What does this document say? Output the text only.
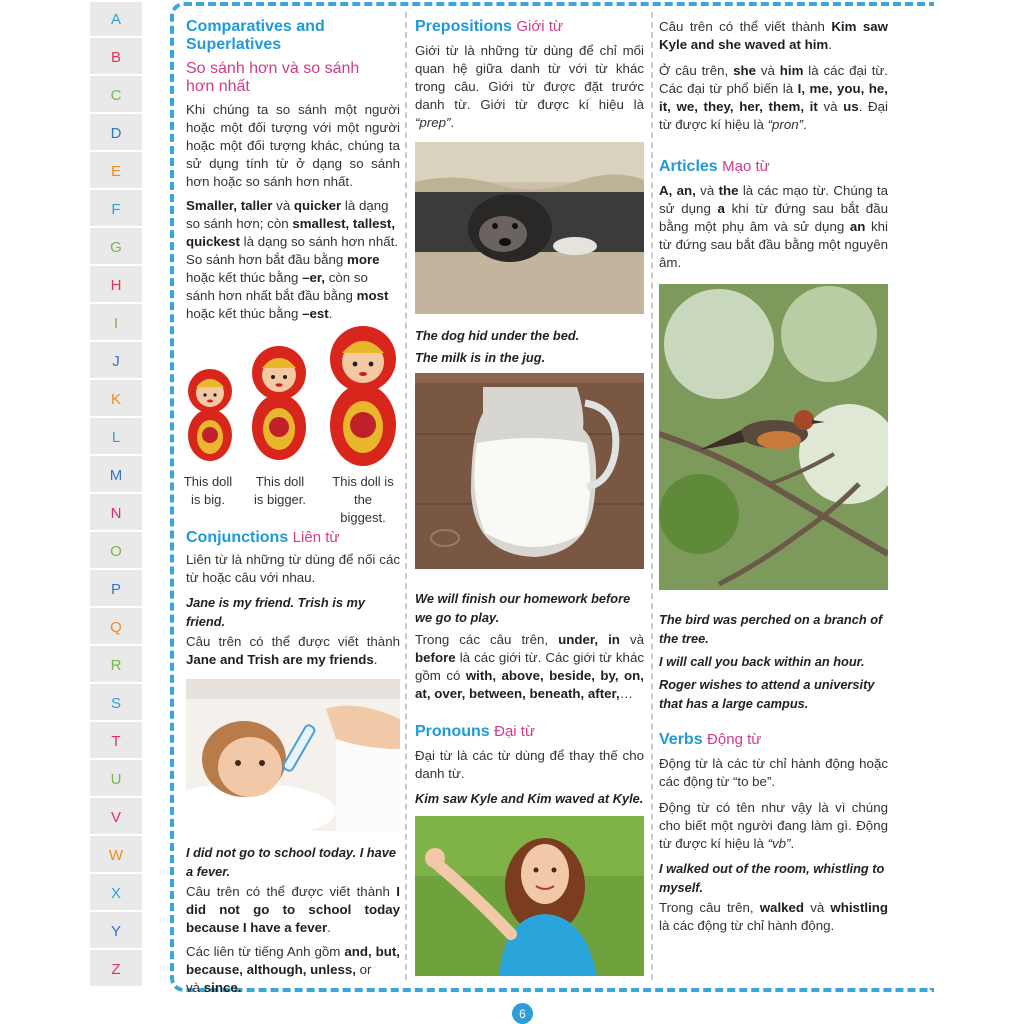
A
B
C
D
E
F
G
H
I
J
K
L
M
N
O
P
Q
R
S
T
U
V
W
X
Y
Z
Comparatives and
Superlatives
So sánh hơn và so sánh
hơn nhất

Khi chúng ta so sánh một người hoặc một đối tượng với một người hoặc một đối tượng khác, chúng ta sử dụng tính từ ở dạng so sánh hơn hoặc so sánh hơn nhất.

Smaller, taller và quicker là dạng so sánh hơn; còn smallest, tallest, quickest là dạng so sánh hơn nhất. So sánh hơn bắt đầu bằng more hoặc kết thúc bằng –er, còn so sánh hơn nhất bắt đầu bằng most hoặc kết thúc bằng –est.

This doll is big.
This doll is bigger.
This doll is the biggest.
Conjunctions Liên từ

Liên từ là những từ dùng để nối các từ hoặc câu với nhau.

Jane is my friend. Trish is my friend.

Câu trên có thể được viết thành Jane and Trish are my friends.

I did not go to school today. I have a fever.

Câu trên có thể được viết thành I did not go to school today because I have a fever.

Các liên từ tiếng Anh gồm and, but, because, although, unless, or
và since.

Prepositions Giới từ

Giới từ là những từ dùng để chỉ mối quan hệ giữa danh từ với từ khác trong câu. Giới từ được đặt trước danh từ. Giới từ được kí hiệu là “prep”.

The dog hid under the bed.

The milk is in the jug.

We will finish our homework before we go to play.

Trong các câu trên, under, in và before là các giới từ. Các giới từ khác gồm có with, above, beside, by, on, at, over, between, beneath, after,…

Pronouns Đại từ

Đại từ là các từ dùng để thay thế cho danh từ.

Kim saw Kyle and Kim waved at Kyle.

Câu trên có thể viết thành Kim saw Kyle and she waved at him.

Ở câu trên, she và him là các đại từ. Các đại từ phổ biến là I, me, you, he, it, we, they, her, them, it và us. Đại từ được kí hiệu là “pron”.

Articles Mạo từ

A, an, và the là các mạo từ. Chúng ta sử dụng a khi từ đứng sau bắt đầu bằng một phụ âm và sử dụng an khi từ đứng sau bắt đầu bằng một nguyên âm.

The bird was perched on a branch of the tree.

I will call you back within an hour.

Roger wishes to attend a university that has a large campus.

Verbs Động từ

Động từ là các từ chỉ hành động hoặc các động từ “to be”.

Động từ có tên như vậy là vì chúng cho biết một người đang làm gì. Động từ được kí hiệu là “vb”.

I walked out of the room, whistling to myself.

Trong câu trên, walked và whistling là các động từ chỉ hành động.

6
